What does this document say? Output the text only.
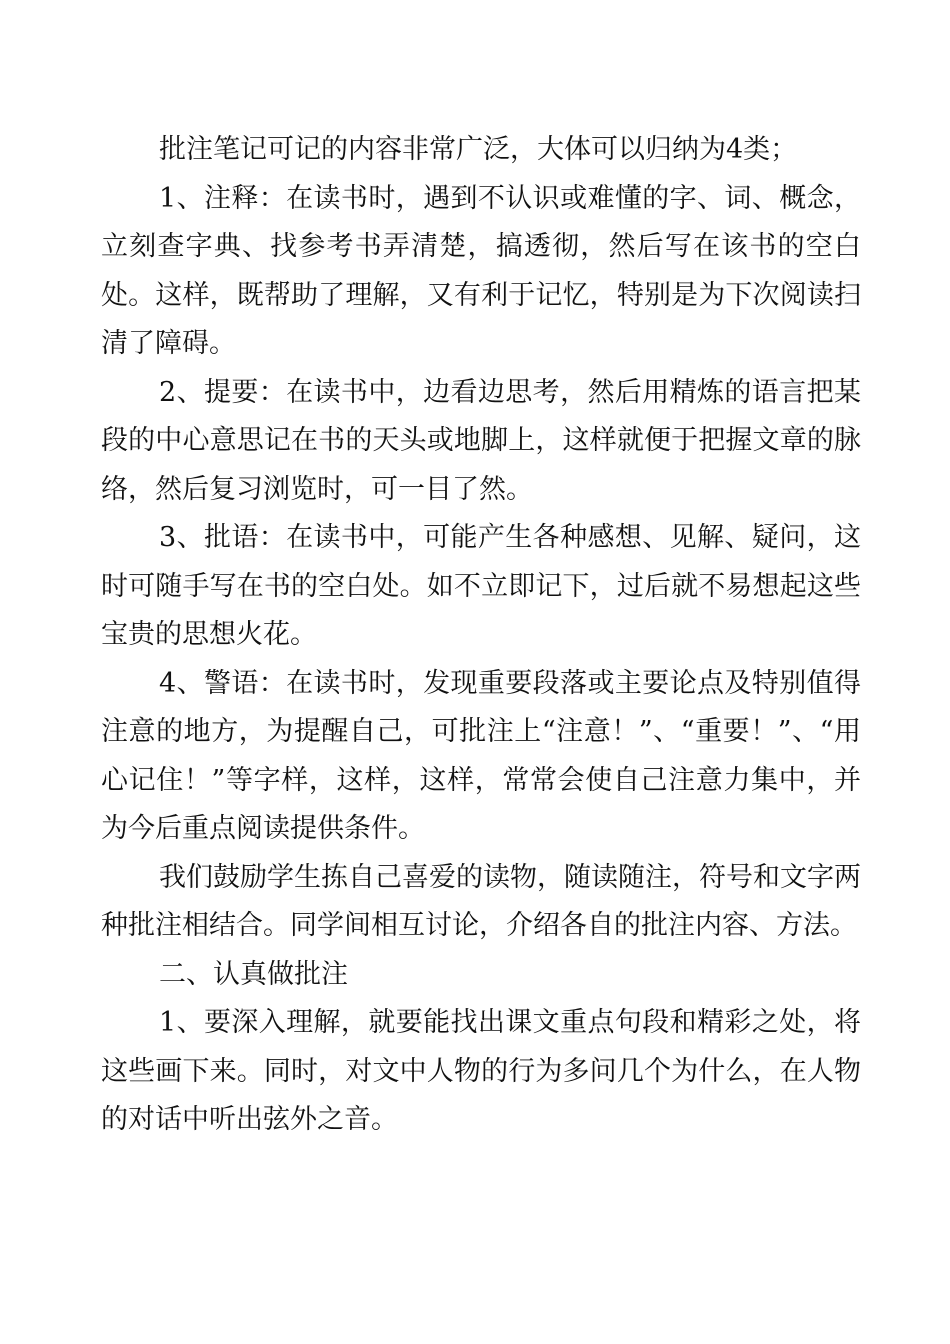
批注笔记可记的内容非常广泛，大体可以归纳为4类；

1、注释：在读书时，遇到不认识或难懂的字、词、概念，立刻查字典、找参考书弄清楚，搞透彻，然后写在该书的空白处。这样，既帮助了理解，又有利于记忆，特别是为下次阅读扫清了障碍。

2、提要：在读书中，边看边思考，然后用精炼的语言把某段的中心意思记在书的天头或地脚上，这样就便于把握文章的脉络，然后复习浏览时，可一目了然。

3、批语：在读书中，可能产生各种感想、见解、疑问，这时可随手写在书的空白处。如不立即记下，过后就不易想起这些宝贵的思想火花。

4、警语：在读书时，发现重要段落或主要论点及特别值得注意的地方，为提醒自己，可批注上“注意！”、“重要！”、“用心记住！”等字样，这样，这样，常常会使自己注意力集中，并为今后重点阅读提供条件。

我们鼓励学生拣自己喜爱的读物，随读随注，符号和文字两种批注相结合。同学间相互讨论，介绍各自的批注内容、方法。

二、认真做批注

1、要深入理解，就要能找出课文重点句段和精彩之处，将这些画下来。同时，对文中人物的行为多问几个为什么，在人物的对话中听出弦外之音。
